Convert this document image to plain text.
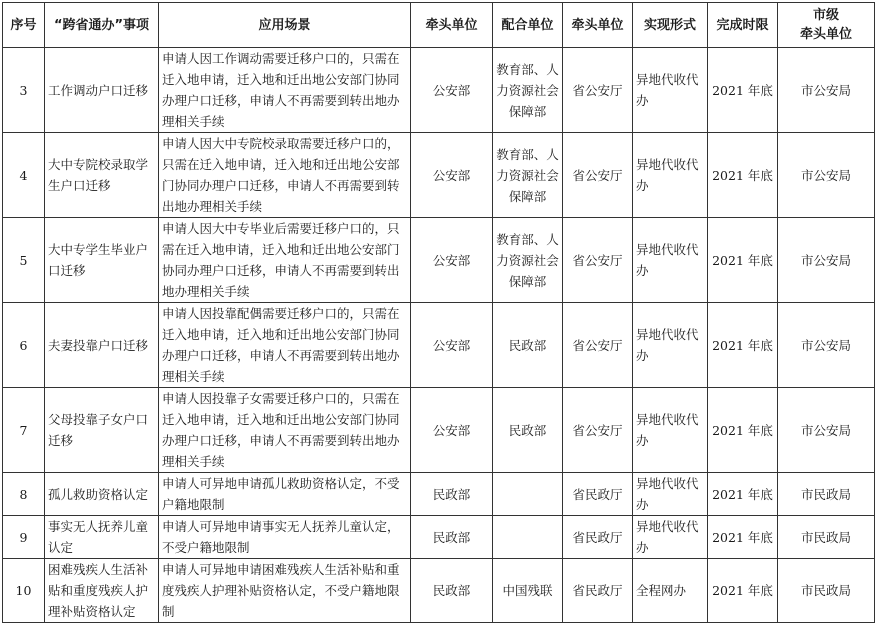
序号	“跨省通办”事项	应用场景	牵头单位	配合单位	牵头单位	实现形式	完成时限	市级
牵头单位

3	工作调动户口迁移	申请人因工作调动需要迁移户口的，只需在迁入地申请，迁入地和迁出地公安部门协同办理户口迁移，申请人不再需要到转出地办理相关手续	公安部	教育部、人力资源社会保障部	省公安厅	异地代收代办	2021 年底	市公安局
4	大中专院校录取学生户口迁移	申请人因大中专院校录取需要迁移户口的，只需在迁入地申请，迁入地和迁出地公安部门协同办理户口迁移，申请人不再需要到转出地办理相关手续	公安部	教育部、人力资源社会保障部	省公安厅	异地代收代办	2021 年底	市公安局
5	大中专学生毕业户口迁移	申请人因大中专毕业后需要迁移户口的，只需在迁入地申请，迁入地和迁出地公安部门协同办理户口迁移，申请人不再需要到转出地办理相关手续	公安部	教育部、人力资源社会保障部	省公安厅	异地代收代办	2021 年底	市公安局
6	夫妻投靠户口迁移	申请人因投靠配偶需要迁移户口的，只需在迁入地申请，迁入地和迁出地公安部门协同办理户口迁移，申请人不再需要到转出地办理相关手续	公安部	民政部	省公安厅	异地代收代办	2021 年底	市公安局
7	父母投靠子女户口迁移	申请人因投靠子女需要迁移户口的，只需在迁入地申请，迁入地和迁出地公安部门协同办理户口迁移，申请人不再需要到转出地办理相关手续	公安部	民政部	省公安厅	异地代收代办	2021 年底	市公安局
8	孤儿救助资格认定	申请人可异地申请孤儿救助资格认定，不受户籍地限制	民政部		省民政厅	异地代收代办	2021 年底	市民政局
9	事实无人抚养儿童认定	申请人可异地申请事实无人抚养儿童认定，不受户籍地限制	民政部		省民政厅	异地代收代办	2021 年底	市民政局
10	困难残疾人生活补贴和重度残疾人护理补贴资格认定	申请人可异地申请困难残疾人生活补贴和重度残疾人护理补贴资格认定，不受户籍地限制	民政部	中国残联	省民政厅	全程网办	2021 年底	市民政局
